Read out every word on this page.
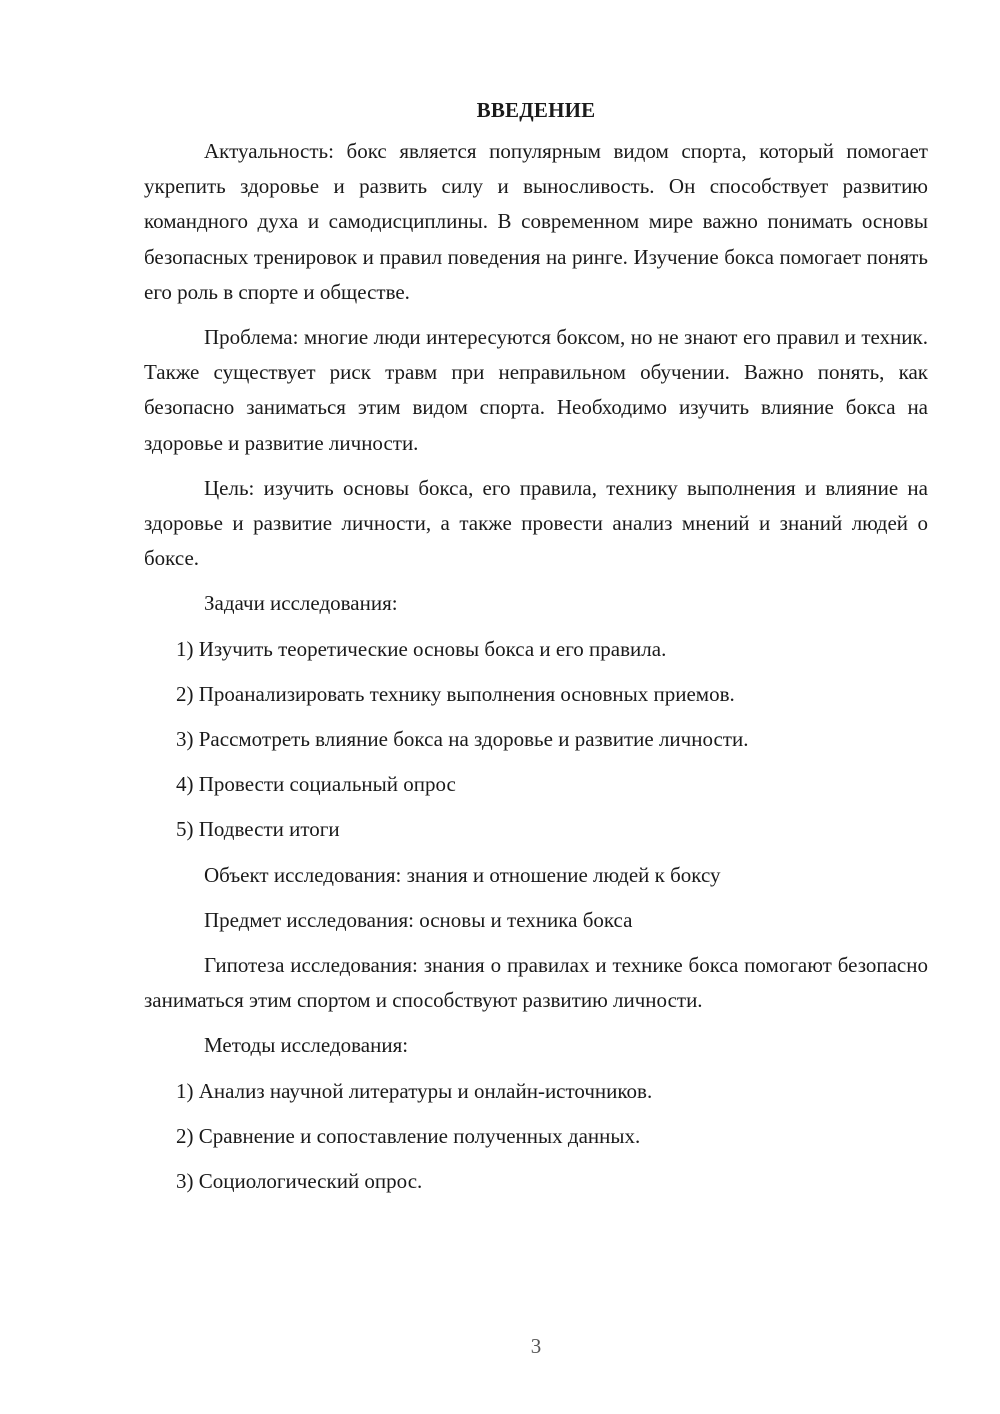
ВВЕДЕНИЕ

Актуальность: бокс является популярным видом спорта, который помогает укрепить здоровье и развить силу и выносливость. Он способствует развитию командного духа и самодисциплины. В современном мире важно понимать основы безопасных тренировок и правил поведения на ринге. Изучение бокса помогает понять его роль в спорте и обществе.

Проблема: многие люди интересуются боксом, но не знают его правил и техник. Также существует риск травм при неправильном обучении. Важно понять, как безопасно заниматься этим видом спорта. Необходимо изучить влияние бокса на здоровье и развитие личности.

Цель: изучить основы бокса, его правила, технику выполнения и влияние на здоровье и развитие личности, а также провести анализ мнений и знаний людей о боксе.

Задачи исследования:
1) Изучить теоретические основы бокса и его правила.
2) Проанализировать технику выполнения основных приемов.
3) Рассмотреть влияние бокса на здоровье и развитие личности.
4) Провести социальный опрос
5) Подвести итоги
Объект исследования: знания и отношение людей к боксу
Предмет исследования: основы и техника бокса

Гипотеза исследования: знания о правилах и технике бокса помогают безопасно заниматься этим спортом и способствуют развитию личности.

Методы исследования:
1) Анализ научной литературы и онлайн-источников.
2) Сравнение и сопоставление полученных данных.
3) Социологический опрос.
3
